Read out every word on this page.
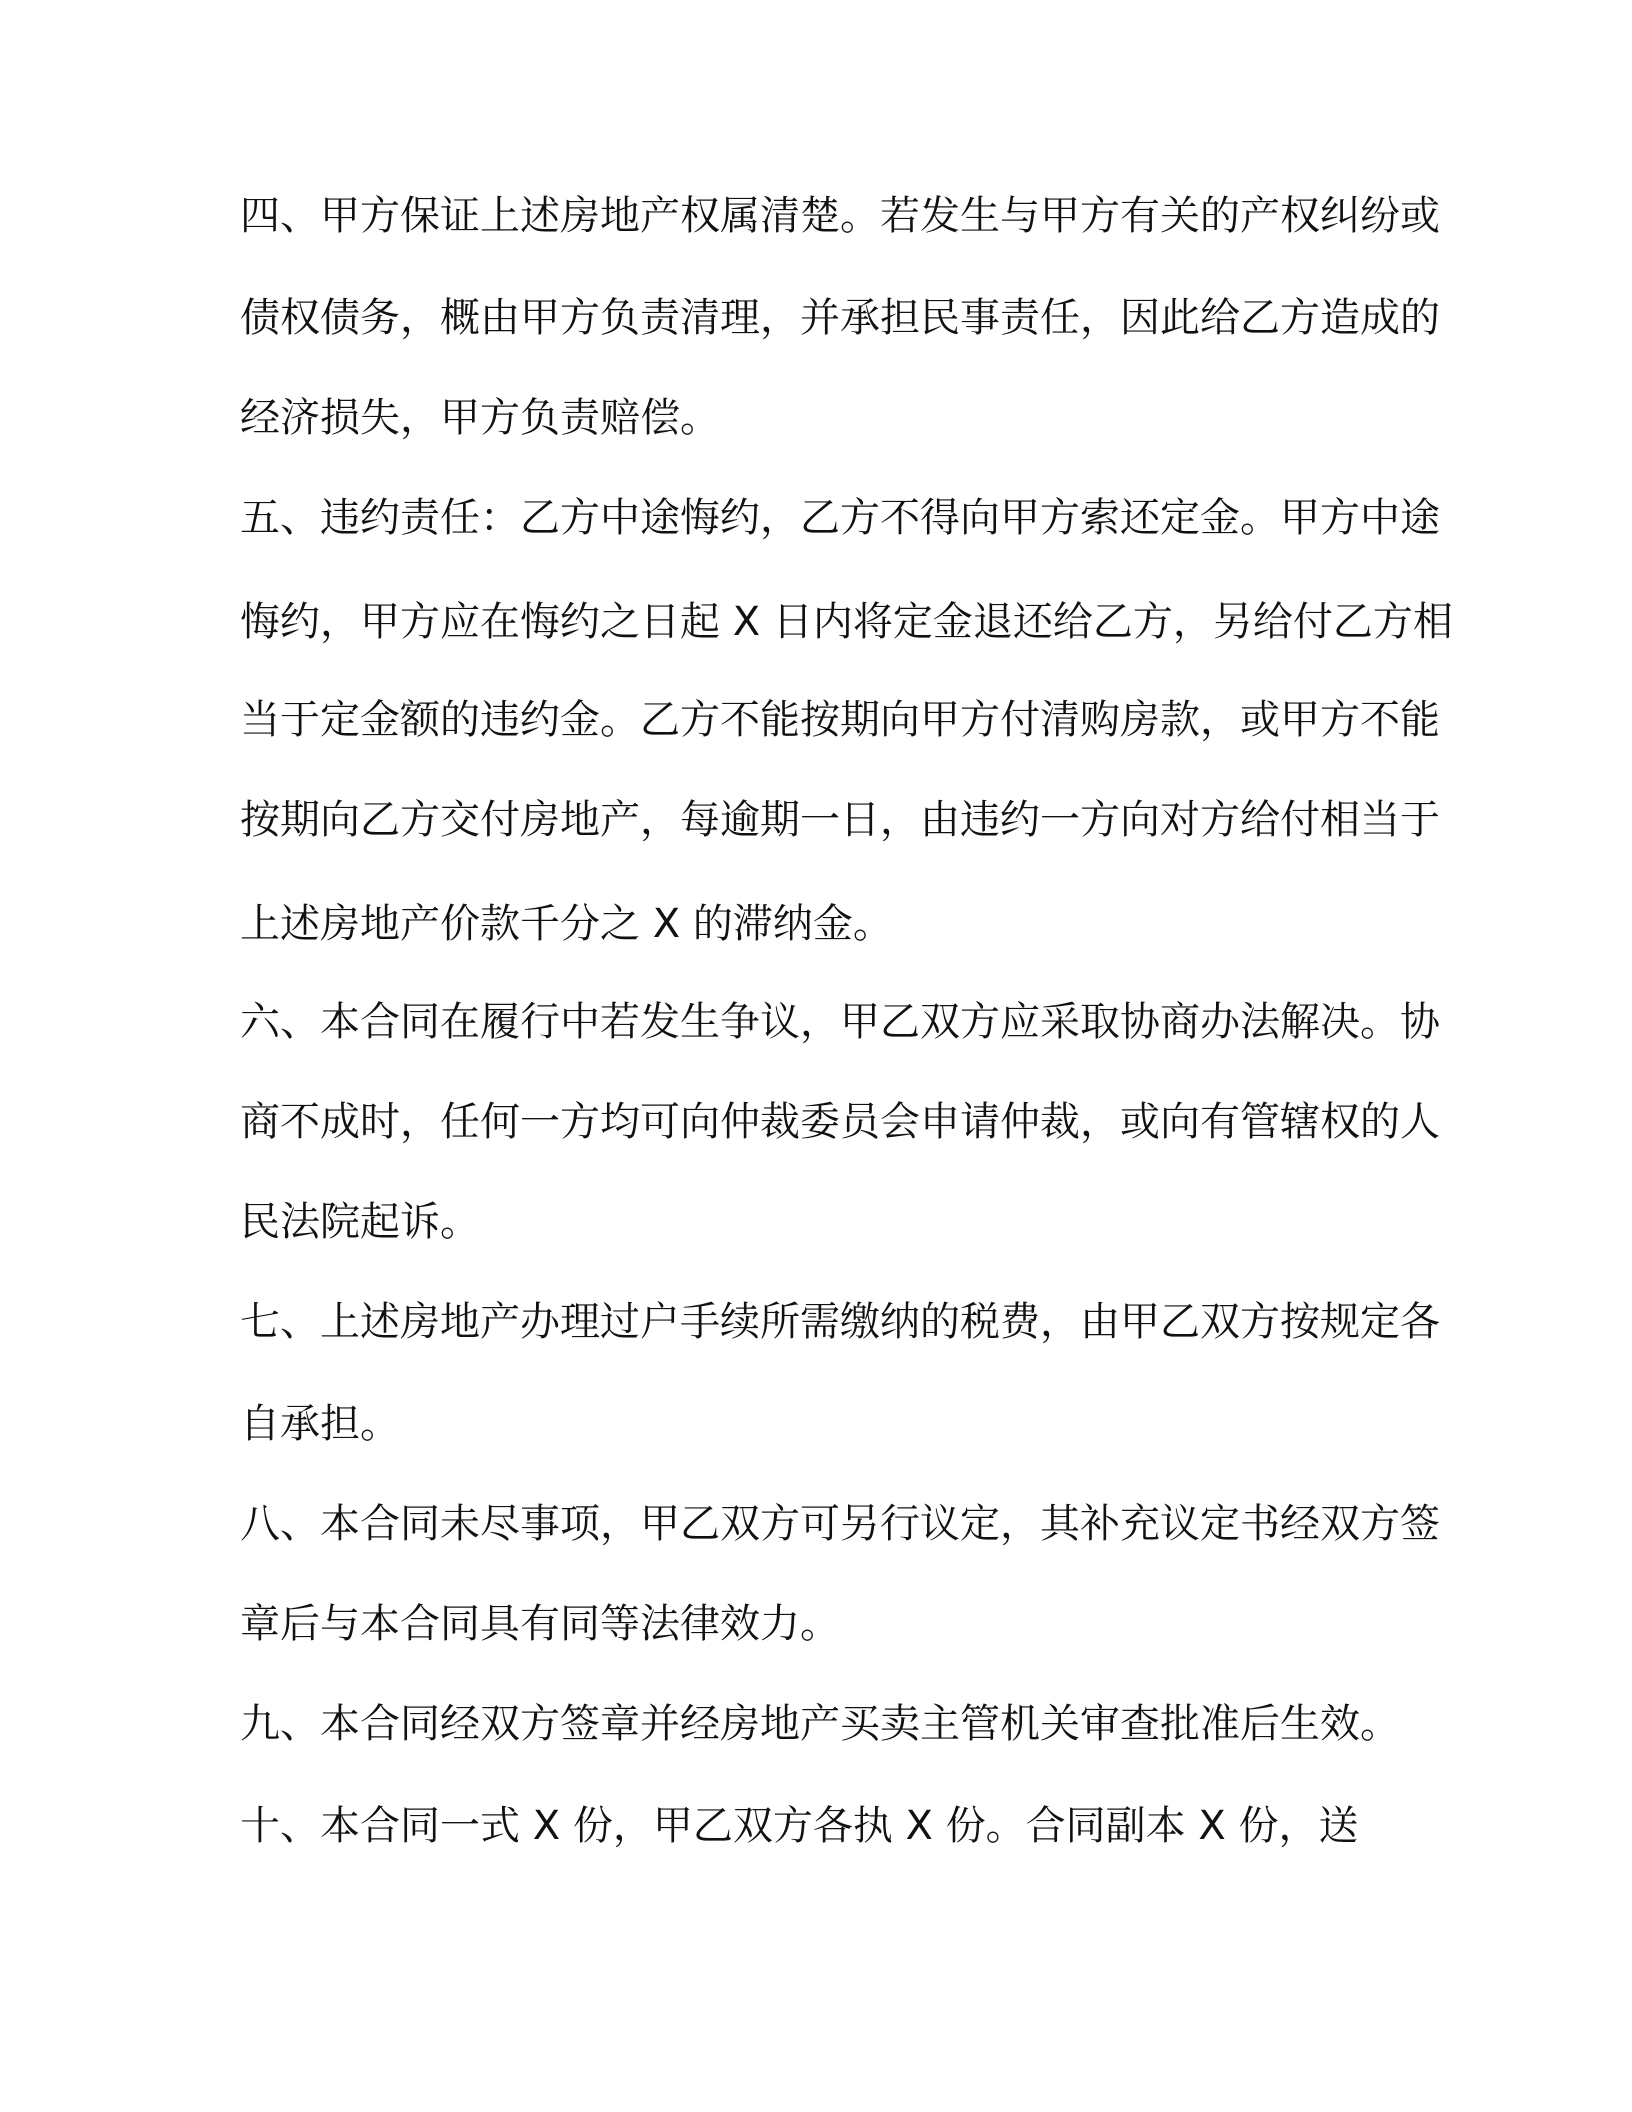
四、甲方保证上述房地产权属清楚。若发生与甲方有关的产权纠纷或
债权债务，概由甲方负责清理，并承担民事责任，因此给乙方造成的
经济损失，甲方负责赔偿。
五、违约责任：乙方中途悔约，乙方不得向甲方索还定金。甲方中途
悔约，甲方应在悔约之日起 X 日内将定金退还给乙方，另给付乙方相
当于定金额的违约金。乙方不能按期向甲方付清购房款，或甲方不能
按期向乙方交付房地产，每逾期一日，由违约一方向对方给付相当于
上述房地产价款千分之 X 的滞纳金。
六、本合同在履行中若发生争议，甲乙双方应采取协商办法解决。协
商不成时，任何一方均可向仲裁委员会申请仲裁，或向有管辖权的人
民法院起诉。
七、上述房地产办理过户手续所需缴纳的税费，由甲乙双方按规定各
自承担。
八、本合同未尽事项，甲乙双方可另行议定，其补充议定书经双方签
章后与本合同具有同等法律效力。
九、本合同经双方签章并经房地产买卖主管机关审查批准后生效。
十、本合同一式 X 份，甲乙双方各执 X 份。合同副本 X 份，送
